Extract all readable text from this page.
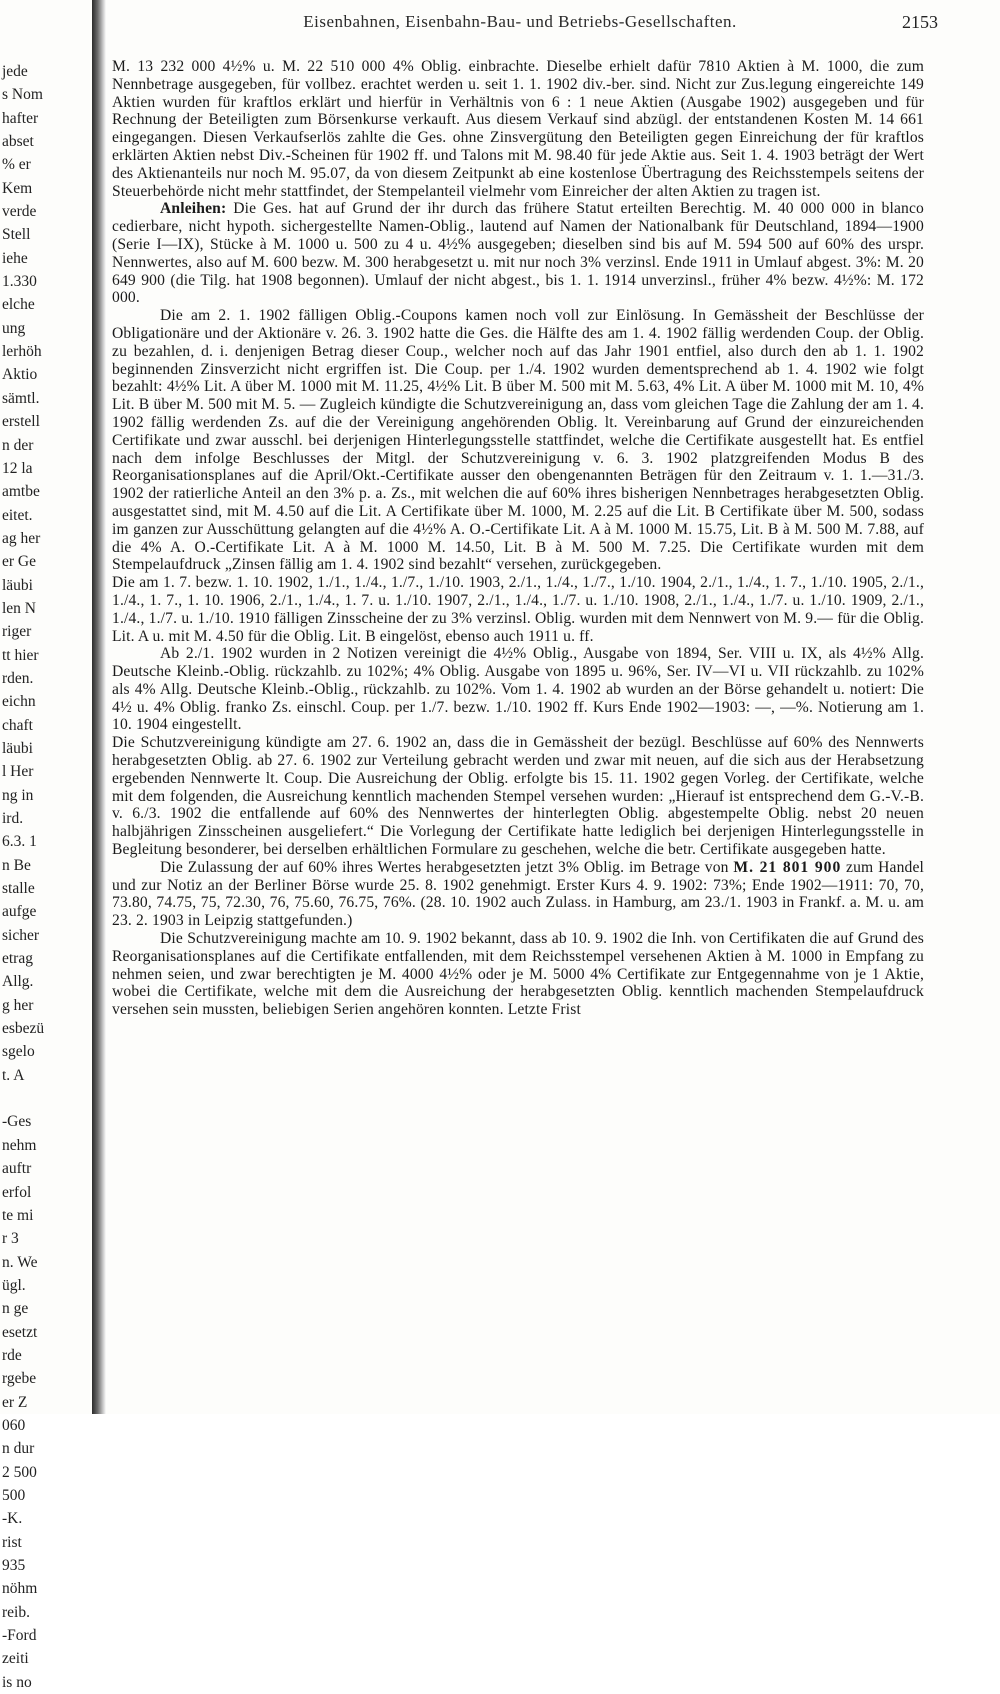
jede
s Nom
hafter
abset
% er
Kem
verde
Stell
iehe
1.330
elche
ung
lerhöh
Aktio
sämtl.
erstell
n der
12 la
amtbe
eitet.
ag her
er Ge
läubi
len N
riger
tt hier
rden.
eichn
chaft
läubi
l Her
ng in
ird.
6.3. 1
n Be
stalle
aufge
sicher
etrag
Allg.
g her
esbezü
sgelo
t. A

-Ges
nehm
auftr
erfol
te mi
r 3
n. We
ügl.
n ge
esetzt
rde
rgebe
er Z
060
n dur
2 500
500
-K.
rist
935
nöhm
reib.
-Ford
zeiti
is no
Eisenbahnen, Eisenbahn-Bau- und Betriebs-Gesellschaften.	2153

M. 13 232 000 4½% u. M. 22 510 000 4% Oblig. einbrachte. Dieselbe erhielt dafür 7810 Aktien à M. 1000, die zum Nennbetrage ausgegeben, für vollbez. erachtet werden u. seit 1. 1. 1902 div.-ber. sind. Nicht zur Zus.legung eingereichte 149 Aktien wurden für kraftlos erklärt und hierfür in Verhältnis von 6 : 1 neue Aktien (Ausgabe 1902) ausgegeben und für Rechnung der Beteiligten zum Börsenkurse verkauft. Aus diesem Verkauf sind abzügl. der entstandenen Kosten M. 14 661 eingegangen. Diesen Verkaufserlös zahlte die Ges. ohne Zinsvergütung den Beteiligten gegen Einreichung der für kraftlos erklärten Aktien nebst Div.-Scheinen für 1902 ff. und Talons mit M. 98.40 für jede Aktie aus. Seit 1. 4. 1903 beträgt der Wert des Aktienanteils nur noch M. 95.07, da von diesem Zeitpunkt ab eine kostenlose Übertragung des Reichsstempels seitens der Steuerbehörde nicht mehr stattfindet, der Stempelanteil vielmehr vom Einreicher der alten Aktien zu tragen ist.

Anleihen: Die Ges. hat auf Grund der ihr durch das frühere Statut erteilten Berechtig. M. 40 000 000 in blanco cedierbare, nicht hypoth. sichergestellte Namen-Oblig., lautend auf Namen der Nationalbank für Deutschland, 1894—1900 (Serie I—IX), Stücke à M. 1000 u. 500 zu 4 u. 4½% ausgegeben; dieselben sind bis auf M. 594 500 auf 60% des urspr. Nennwertes, also auf M. 600 bezw. M. 300 herabgesetzt u. mit nur noch 3% verzinsl. Ende 1911 in Umlauf abgest. 3%: M. 20 649 900 (die Tilg. hat 1908 begonnen). Umlauf der nicht abgest., bis 1. 1. 1914 unverzinsl., früher 4% bezw. 4½%: M. 172 000.

Die am 2. 1. 1902 fälligen Oblig.-Coupons kamen noch voll zur Einlösung. In Gemässheit der Beschlüsse der Obligationäre und der Aktionäre v. 26. 3. 1902 hatte die Ges. die Hälfte des am 1. 4. 1902 fällig werdenden Coup. der Oblig. zu bezahlen, d. i. denjenigen Betrag dieser Coup., welcher noch auf das Jahr 1901 entfiel, also durch den ab 1. 1. 1902 beginnenden Zinsverzicht nicht ergriffen ist. Die Coup. per 1./4. 1902 wurden dementsprechend ab 1. 4. 1902 wie folgt bezahlt: 4½% Lit. A über M. 1000 mit M. 11.25, 4½% Lit. B über M. 500 mit M. 5.63, 4% Lit. A über M. 1000 mit M. 10, 4% Lit. B über M. 500 mit M. 5. — Zugleich kündigte die Schutzvereinigung an, dass vom gleichen Tage die Zahlung der am 1. 4. 1902 fällig werdenden Zs. auf die der Vereinigung angehörenden Oblig. lt. Vereinbarung auf Grund der einzureichenden Certifikate und zwar ausschl. bei derjenigen Hinterlegungsstelle stattfindet, welche die Certifikate ausgestellt hat. Es entfiel nach dem infolge Beschlusses der Mitgl. der Schutzvereinigung v. 6. 3. 1902 platzgreifenden Modus B des Reorganisationsplanes auf die April/Okt.-Certifikate ausser den obengenannten Beträgen für den Zeitraum v. 1. 1.—31./3. 1902 der ratierliche Anteil an den 3% p. a. Zs., mit welchen die auf 60% ihres bisherigen Nennbetrages herabgesetzten Oblig. ausgestattet sind, mit M. 4.50 auf die Lit. A Certifikate über M. 1000, M. 2.25 auf die Lit. B Certifikate über M. 500, sodass im ganzen zur Ausschüttung gelangten auf die 4½% A. O.-Certifikate Lit. A à M. 1000 M. 15.75, Lit. B à M. 500 M. 7.88, auf die 4% A. O.-Certifikate Lit. A à M. 1000 M. 14.50, Lit. B à M. 500 M. 7.25. Die Certifikate wurden mit dem Stempelaufdruck „Zinsen fällig am 1. 4. 1902 sind bezahlt“ versehen, zurückgegeben.

Die am 1. 7. bezw. 1. 10. 1902, 1./1., 1./4., 1./7., 1./10. 1903, 2./1., 1./4., 1./7., 1./10. 1904, 2./1., 1./4., 1. 7., 1./10. 1905, 2./1., 1./4., 1. 7., 1. 10. 1906, 2./1., 1./4., 1. 7. u. 1./10. 1907, 2./1., 1./4., 1./7. u. 1./10. 1908, 2./1., 1./4., 1./7. u. 1./10. 1909, 2./1., 1./4., 1./7. u. 1./10. 1910 fälligen Zinsscheine der zu 3% verzinsl. Oblig. wurden mit dem Nennwert von M. 9.— für die Oblig. Lit. A u. mit M. 4.50 für die Oblig. Lit. B eingelöst, ebenso auch 1911 u. ff.

Ab 2./1. 1902 wurden in 2 Notizen vereinigt die 4½% Oblig., Ausgabe von 1894, Ser. VIII u. IX, als 4½% Allg. Deutsche Kleinb.-Oblig. rückzahlb. zu 102%; 4% Oblig. Ausgabe von 1895 u. 96%, Ser. IV—VI u. VII rückzahlb. zu 102% als 4% Allg. Deutsche Kleinb.-Oblig., rückzahlb. zu 102%. Vom 1. 4. 1902 ab wurden an der Börse gehandelt u. notiert: Die 4½ u. 4% Oblig. franko Zs. einschl. Coup. per 1./7. bezw. 1./10. 1902 ff. Kurs Ende 1902—1903: —, —%. Notierung am 1. 10. 1904 eingestellt.

Die Schutzvereinigung kündigte am 27. 6. 1902 an, dass die in Gemässheit der bezügl. Beschlüsse auf 60% des Nennwerts herabgesetzten Oblig. ab 27. 6. 1902 zur Verteilung gebracht werden und zwar mit neuen, auf die sich aus der Herabsetzung ergebenden Nennwerte lt. Coup. Die Ausreichung der Oblig. erfolgte bis 15. 11. 1902 gegen Vorleg. der Certifikate, welche mit dem folgenden, die Ausreichung kenntlich machenden Stempel versehen wurden: „Hierauf ist entsprechend dem G.-V.-B. v. 6./3. 1902 die entfallende auf 60% des Nennwertes der hinterlegten Oblig. abgestempelte Oblig. nebst 20 neuen halbjährigen Zinsscheinen ausgeliefert.“ Die Vorlegung der Certifikate hatte lediglich bei derjenigen Hinterlegungsstelle in Begleitung besonderer, bei derselben erhältlichen Formulare zu geschehen, welche die betr. Certifikate ausgegeben hatte.

Die Zulassung der auf 60% ihres Wertes herabgesetzten jetzt 3% Oblig. im Betrage von M. 21 801 900 zum Handel und zur Notiz an der Berliner Börse wurde 25. 8. 1902 genehmigt. Erster Kurs 4. 9. 1902: 73%; Ende 1902—1911: 70, 70, 73.80, 74.75, 75, 72.30, 76, 75.60, 76.75, 76%. (28. 10. 1902 auch Zulass. in Hamburg, am 23./1. 1903 in Frankf. a. M. u. am 23. 2. 1903 in Leipzig stattgefunden.)

Die Schutzvereinigung machte am 10. 9. 1902 bekannt, dass ab 10. 9. 1902 die Inh. von Certifikaten die auf Grund des Reorganisationsplanes auf die Certifikate entfallenden, mit dem Reichsstempel versehenen Aktien à M. 1000 in Empfang zu nehmen seien, und zwar berechtigten je M. 4000 4½% oder je M. 5000 4% Certifikate zur Entgegennahme von je 1 Aktie, wobei die Certifikate, welche mit dem die Ausreichung der herabgesetzten Oblig. kenntlich machenden Stempelaufdruck versehen sein mussten, beliebigen Serien angehören konnten. Letzte Frist
